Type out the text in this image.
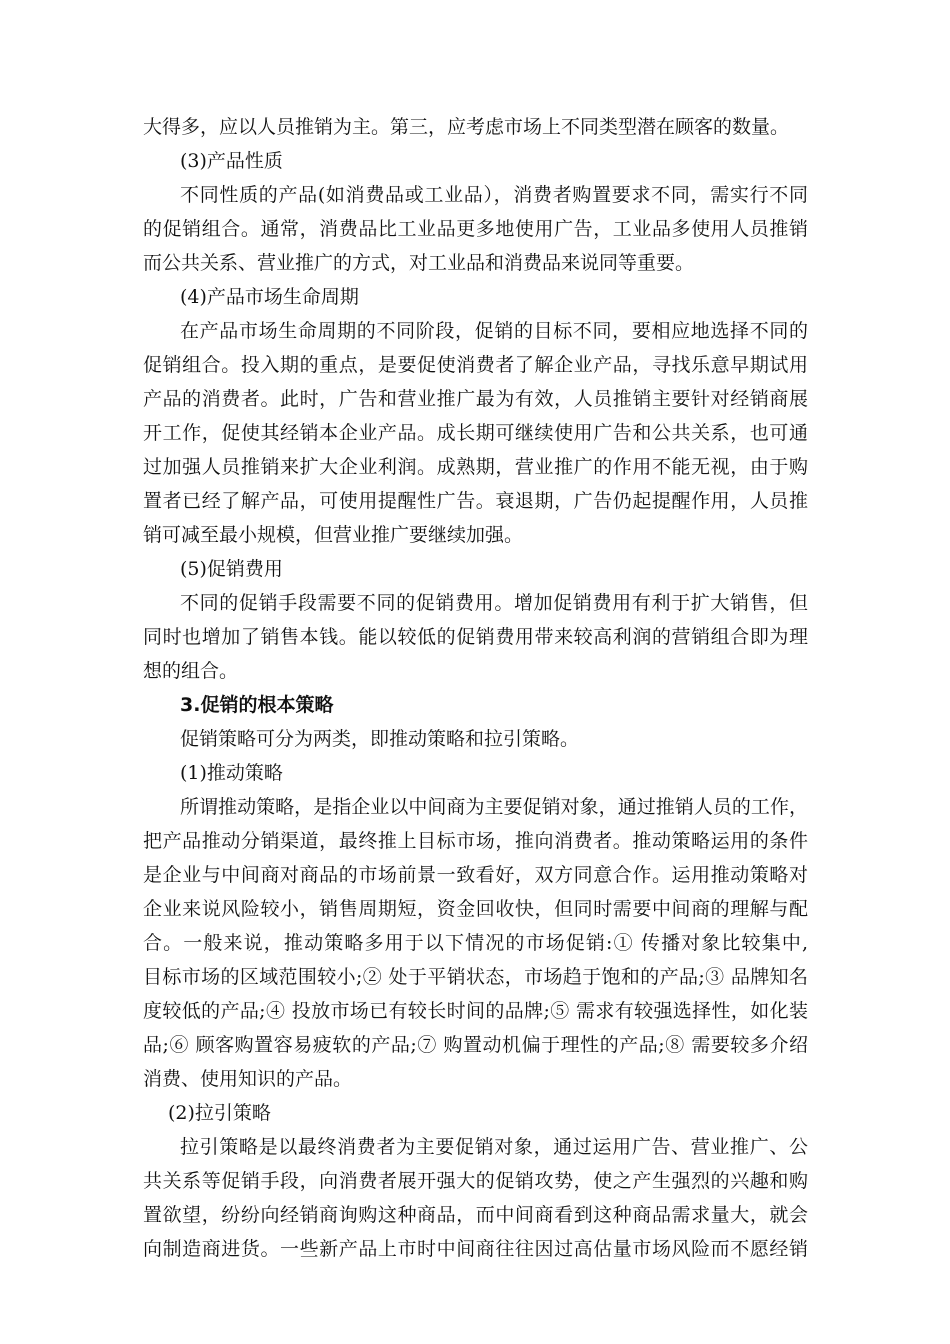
大得多，应以人员推销为主。第三，应考虑市场上不同类型潜在顾客的数量。
(3)产品性质
不同性质的产品(如消费品或工业品），消费者购置要求不同，需实行不同
的促销组合。通常，消费品比工业品更多地使用广告，工业品多使用人员推销
而公共关系、营业推广的方式，对工业品和消费品来说同等重要。
(4)产品市场生命周期
在产品市场生命周期的不同阶段，促销的目标不同，要相应地选择不同的
促销组合。投入期的重点，是要促使消费者了解企业产品，寻找乐意早期试用
产品的消费者。此时，广告和营业推广最为有效，人员推销主要针对经销商展
开工作，促使其经销本企业产品。成长期可继续使用广告和公共关系，也可通
过加强人员推销来扩大企业利润。成熟期，营业推广的作用不能无视，由于购
置者已经了解产品，可使用提醒性广告。衰退期，广告仍起提醒作用，人员推
销可减至最小规模，但营业推广要继续加强。
(5)促销费用
不同的促销手段需要不同的促销费用。增加促销费用有利于扩大销售，但
同时也增加了销售本钱。能以较低的促销费用带来较高利润的营销组合即为理
想的组合。
3.促销的根本策略
促销策略可分为两类，即推动策略和拉引策略。
(1)推动策略
所谓推动策略，是指企业以中间商为主要促销对象，通过推销人员的工作，
把产品推动分销渠道，最终推上目标市场，推向消费者。推动策略运用的条件
是企业与中间商对商品的市场前景一致看好，双方同意合作。运用推动策略对
企业来说风险较小，销售周期短，资金回收快，但同时需要中间商的理解与配
合。一般来说，推动策略多用于以下情况的市场促销:① 传播对象比较集中,
目标市场的区域范围较小;② 处于平销状态，市场趋于饱和的产品;③ 品牌知名
度较低的产品;④ 投放市场已有较长时间的品牌;⑤ 需求有较强选择性，如化装
品;⑥ 顾客购置容易疲软的产品;⑦ 购置动机偏于理性的产品;⑧ 需要较多介绍
消费、使用知识的产品。
(2)拉引策略
拉引策略是以最终消费者为主要促销对象，通过运用广告、营业推广、公
共关系等促销手段，向消费者展开强大的促销攻势，使之产生强烈的兴趣和购
置欲望，纷纷向经销商询购这种商品，而中间商看到这种商品需求量大，就会
向制造商进货。一些新产品上市时中间商往往因过高估量市场风险而不愿经销
